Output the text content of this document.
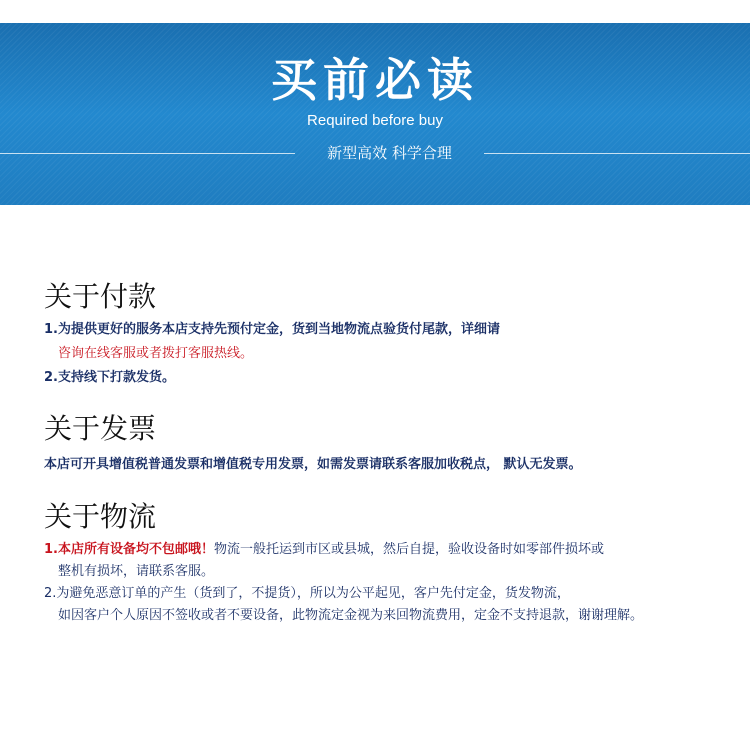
买前必读
Required before buy
新型高效 科学合理
关于付款
1.为提供更好的服务本店支持先预付定金，货到当地物流点验货付尾款，详细请
咨询在线客服或者拨打客服热线。
2.支持线下打款发货。
关于发票
本店可开具增值税普通发票和增值税专用发票，如需发票请联系客服加收税点， 默认无发票。
关于物流
1.本店所有设备均不包邮哦！物流一般托运到市区或县城，然后自提，验收设备时如零部件损坏或
整机有损坏，请联系客服。
2.为避免恶意订单的产生（货到了，不提货），所以为公平起见，客户先付定金，货发物流，
如因客户个人原因不签收或者不要设备，此物流定金视为来回物流费用，定金不支持退款，谢谢理解。
